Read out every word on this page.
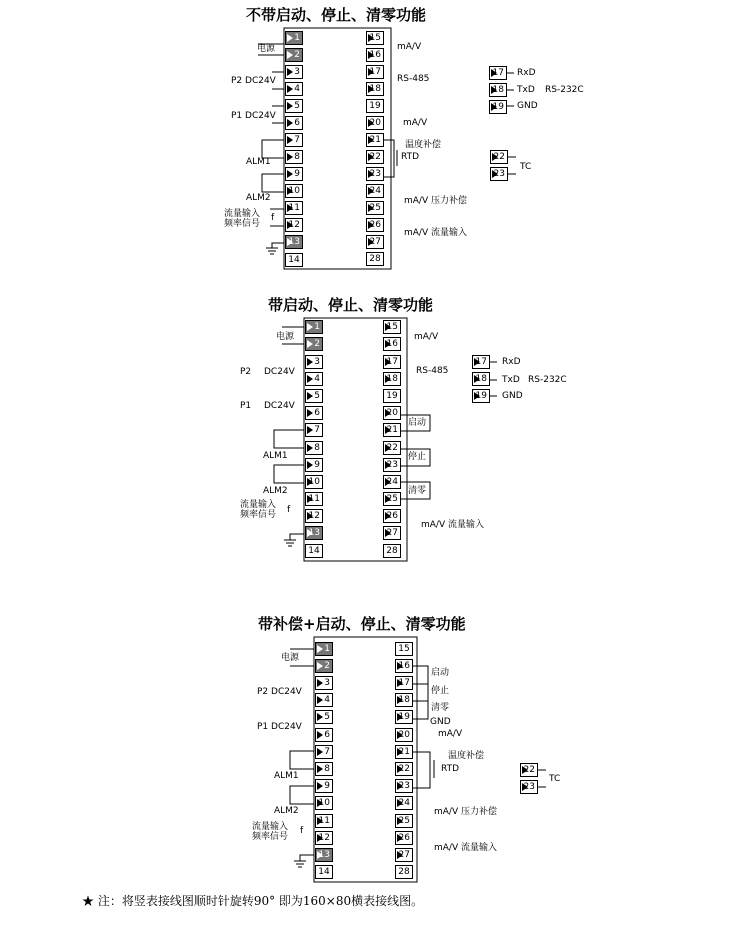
不带启动、停止、清零功能
1
2
3
4
5
6
7
8
9
10
11
12
13
14
15
16
17
18
19
20
21
22
23
24
25
26
27
28
电源
P2 DC24V
P1 DC24V
ALM1
ALM2
流量输入
频率信号
f
mA/V
RS-485
mA/V
温度补偿
RTD
mA/V 压力补偿
mA/V 流量输入
17
18
19
RxD
TxD
GND
RS-232C
22
23
TC
带启动、停止、清零功能
1
2
3
4
5
6
7
8
9
10
11
12
13
14
15
16
17
18
19
20
21
22
23
24
25
26
27
28
电源
P2 DC24V
P1 DC24V
ALM1
ALM2
流量输入
频率信号 f
mA/V
RS-485
启动
停止
清零
mA/V 流量输入
17
18
19
RxD
TxD
GND
RS-232C
带补偿+启动、停止、清零功能
1
2
3
4
5
6
7
8
9
10
11
12
13
14
15
16
17
18
19
20
21
22
23
24
25
26
27
28
电源
P2 DC24V
P1 DC24V
ALM1
ALM2
流量输入
频率信号
f
启动
停止
清零
GND
mA/V
温度补偿
RTD
mA/V 压力补偿
mA/V 流量输入
22
23
TC
★ 注：将竖表接线图顺时针旋转90° 即为160×80横表接线图。
